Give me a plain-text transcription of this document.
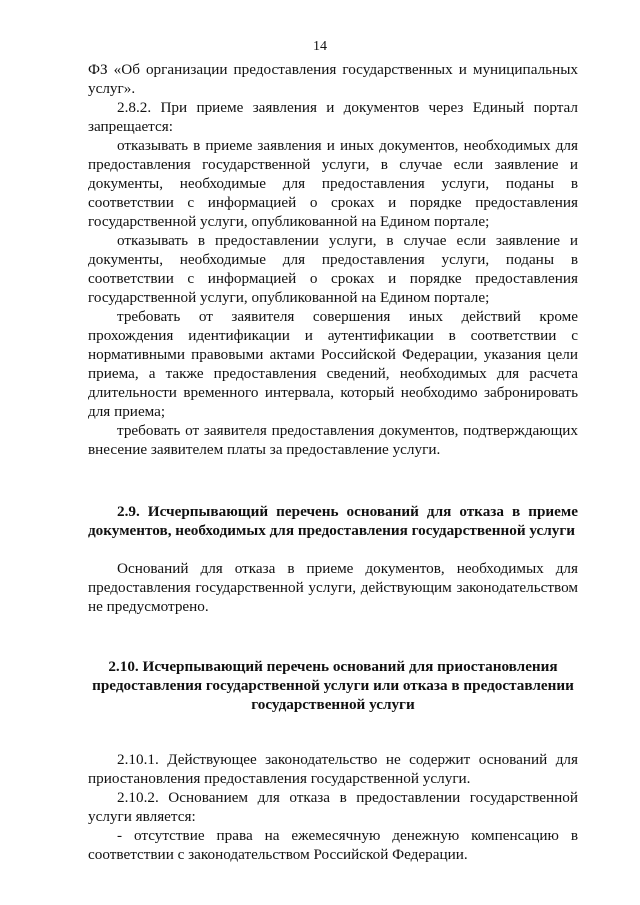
14

ФЗ «Об организации предоставления государственных и муниципальных услуг».

2.8.2. При приеме заявления и документов через Единый портал запрещается:

отказывать в приеме заявления и иных документов, необходимых для предоставления государственной услуги, в случае если заявление и документы, необходимые для предоставления услуги, поданы в соответствии с информацией о сроках и порядке предоставления государственной услуги, опубликованной на Едином портале;

отказывать в предоставлении услуги, в случае если заявление и документы, необходимые для предоставления услуги, поданы в соответствии с информацией о сроках и порядке предоставления государственной услуги, опубликованной на Едином портале;

требовать от заявителя совершения иных действий кроме прохождения идентификации и аутентификации в соответствии с нормативными правовыми актами Российской Федерации, указания цели приема, а также предоставления сведений, необходимых для расчета длительности временного интервала, который необходимо забронировать для приема;

требовать от заявителя предоставления документов, подтверждающих внесение заявителем платы за предоставление услуги.

2.9. Исчерпывающий перечень оснований для отказа в приеме документов, необходимых для предоставления государственной услуги

Оснований для отказа в приеме документов, необходимых для предоставления государственной услуги, действующим законодательством не предусмотрено.

2.10. Исчерпывающий перечень оснований для приостановления

предоставления государственной услуги или отказа в предоставлении

государственной услуги

2.10.1. Действующее законодательство не содержит оснований для приостановления предоставления государственной услуги.

2.10.2. Основанием для отказа в предоставлении государственной услуги является:

- отсутствие права на ежемесячную денежную компенсацию в соответствии с законодательством Российской Федерации.
